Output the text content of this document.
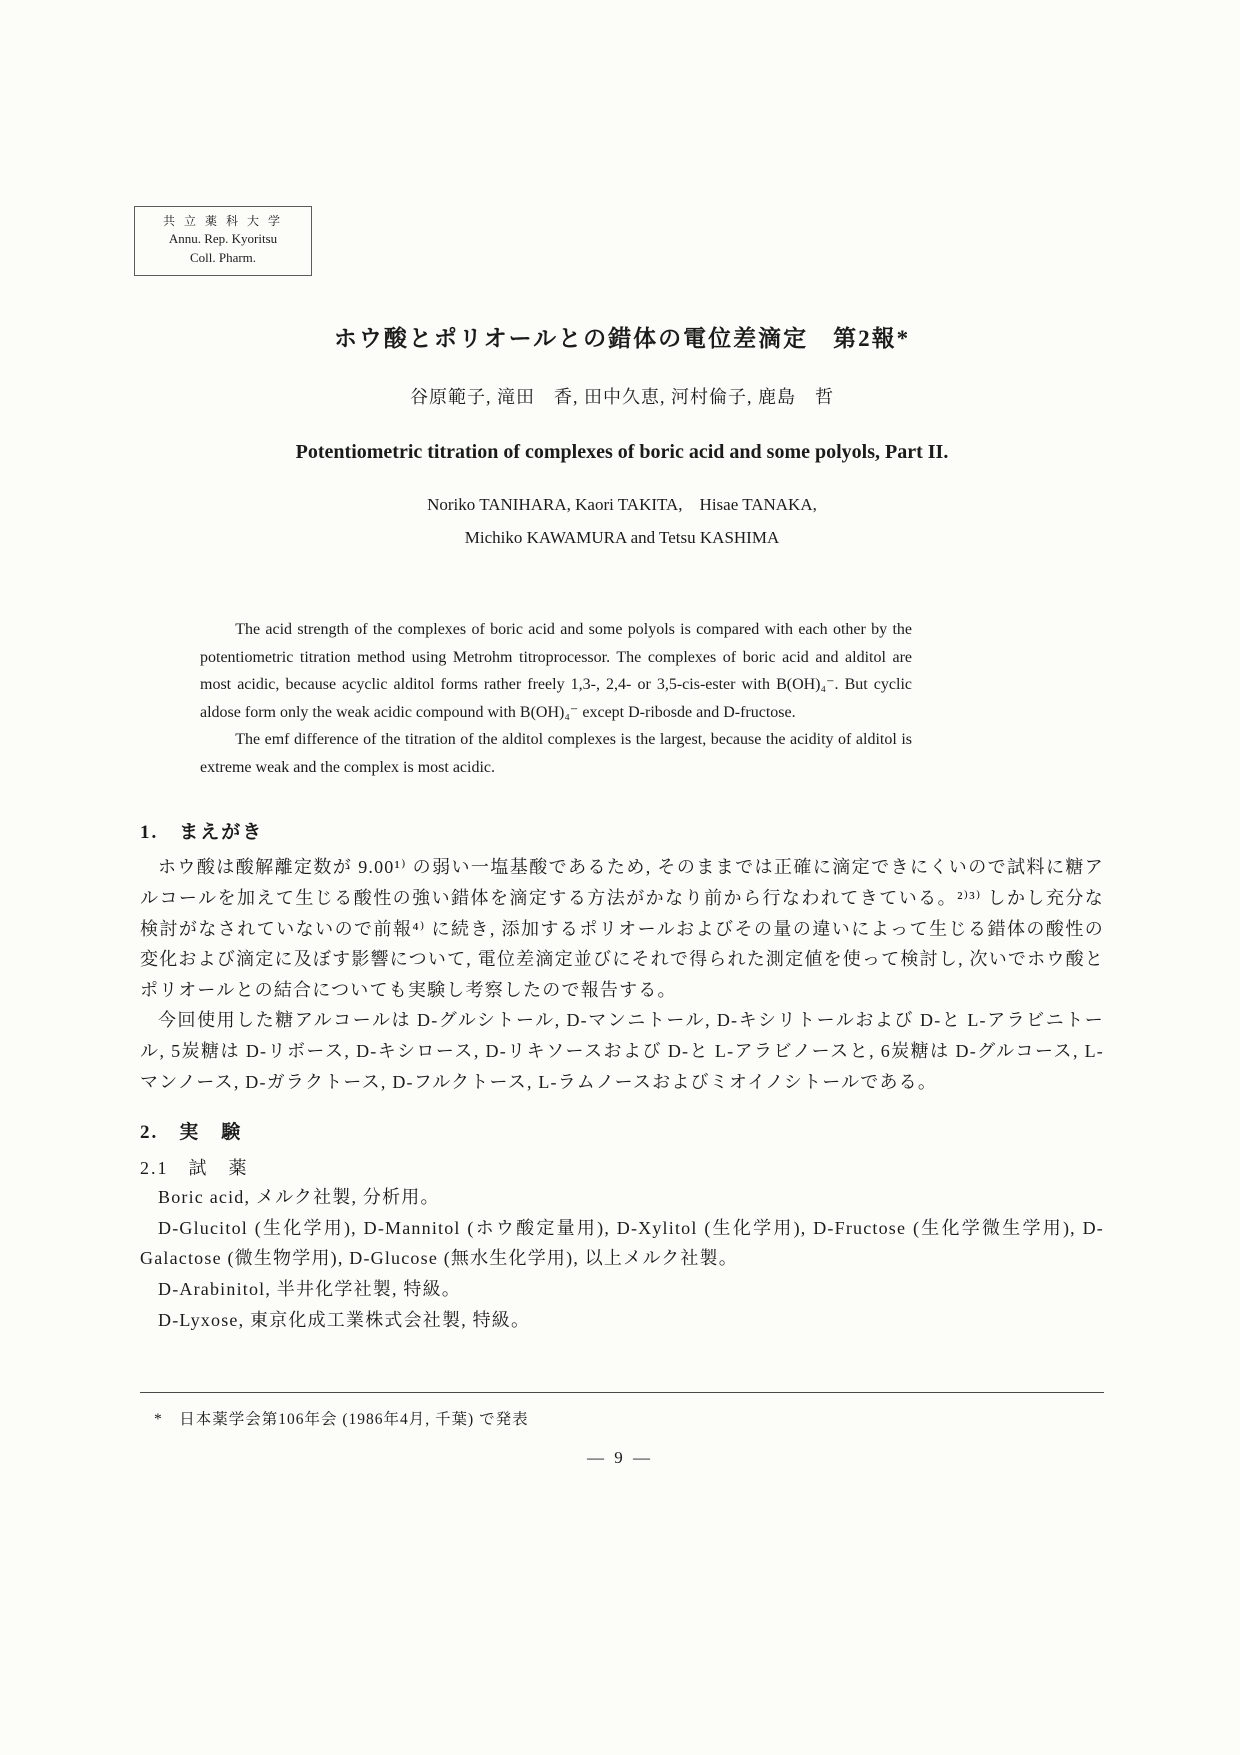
共 立 薬 科 大 学
Annu. Rep. Kyoritsu
Coll. Pharm.
ホウ酸とポリオールとの錯体の電位差滴定　第2報*
谷原範子, 滝田　香, 田中久恵, 河村倫子, 鹿島　哲
Potentiometric titration of complexes of boric acid and some polyols, Part II.
Noriko TANIHARA, Kaori TAKITA,　Hisae TANAKA,
Michiko KAWAMURA and Tetsu KASHIMA

The acid strength of the complexes of boric acid and some polyols is compared with each other by the potentiometric titration method using Metrohm titroprocessor. The complexes of boric acid and alditol are most acidic, because acyclic alditol forms rather freely 1,3-, 2,4- or 3,5-cis-ester with B(OH)₄⁻. But cyclic aldose form only the weak acidic compound with B(OH)₄⁻ except D-ribosde and D-fructose.

The emf difference of the titration of the alditol complexes is the largest, because the acidity of alditol is extreme weak and the complex is most acidic.

1.　まえがき

ホウ酸は酸解離定数が 9.00¹⁾ の弱い一塩基酸であるため, そのままでは正確に滴定できにくいので試料に糖アルコールを加えて生じる酸性の強い錯体を滴定する方法がかなり前から行なわれてきている。²⁾³⁾ しかし充分な検討がなされていないので前報⁴⁾ に続き, 添加するポリオールおよびその量の違いによって生じる錯体の酸性の変化および滴定に及ぼす影響について, 電位差滴定並びにそれで得られた測定値を使って検討し, 次いでホウ酸とポリオールとの結合についても実験し考察したので報告する。

今回使用した糖アルコールは D-グルシトール, D-マンニトール, D-キシリトールおよび D-と L-アラビニトール, 5炭糖は D-リボース, D-キシロース, D-リキソースおよび D-と L-アラビノースと, 6炭糖は D-グルコース, L-マンノース, D-ガラクトース, D-フルクトース, L-ラムノースおよびミオイノシトールである。

2.　実　験
2.1　試　薬

Boric acid, メルク社製, 分析用。

D-Glucitol (生化学用), D-Mannitol (ホウ酸定量用), D-Xylitol (生化学用), D-Fructose (生化学微生学用), D-Galactose (微生物学用), D-Glucose (無水生化学用), 以上メルク社製。

D-Arabinitol, 半井化学社製, 特級。

D-Lyxose, 東京化成工業株式会社製, 特級。

*　日本薬学会第106年会 (1986年4月, 千葉) で発表
— 9 —
